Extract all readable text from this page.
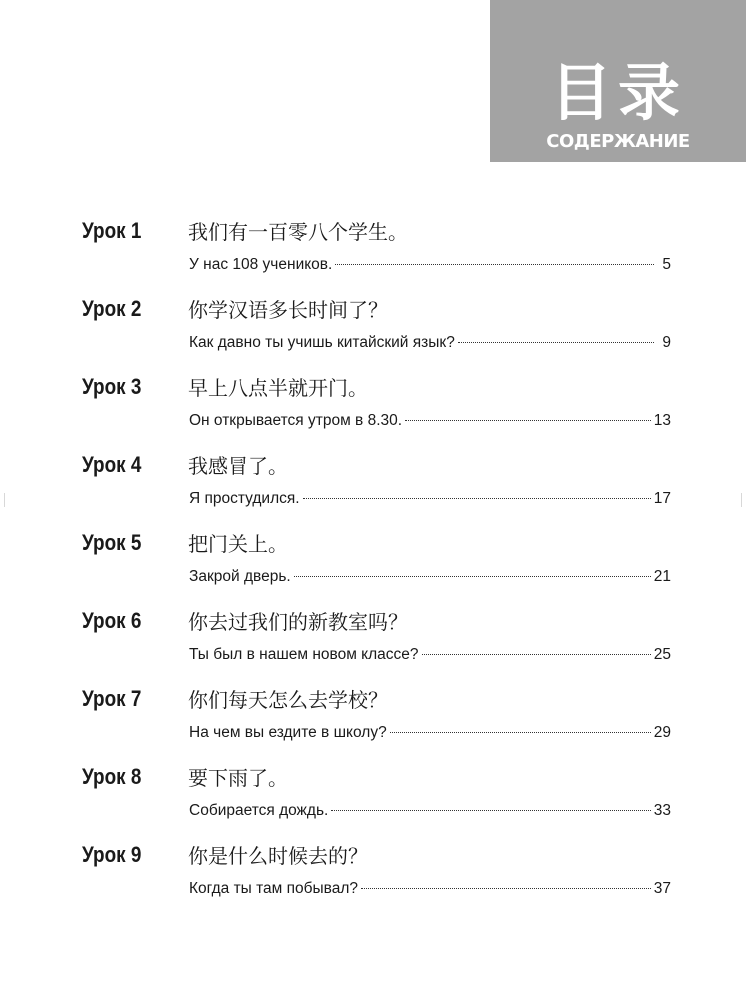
目录
СОДЕРЖАНИЕ
Урок 1 我们有一百零八个学生。
У нас 108 учеников.	5
Урок 2 你学汉语多长时间了？
Как давно ты учишь китайский язык?	9
Урок 3 早上八点半就开门。
Он открывается утром в 8.30.	13
Урок 4 我感冒了。
Я простудился.	17
Урок 5 把门关上。
Закрой дверь.	21
Урок 6 你去过我们的新教室吗？
Ты был в нашем новом классе?	25
Урок 7 你们每天怎么去学校？
На чем вы ездите в школу?	29
Урок 8 要下雨了。
Собирается дождь.	33
Урок 9 你是什么时候去的？
Когда ты там побывал?	37
